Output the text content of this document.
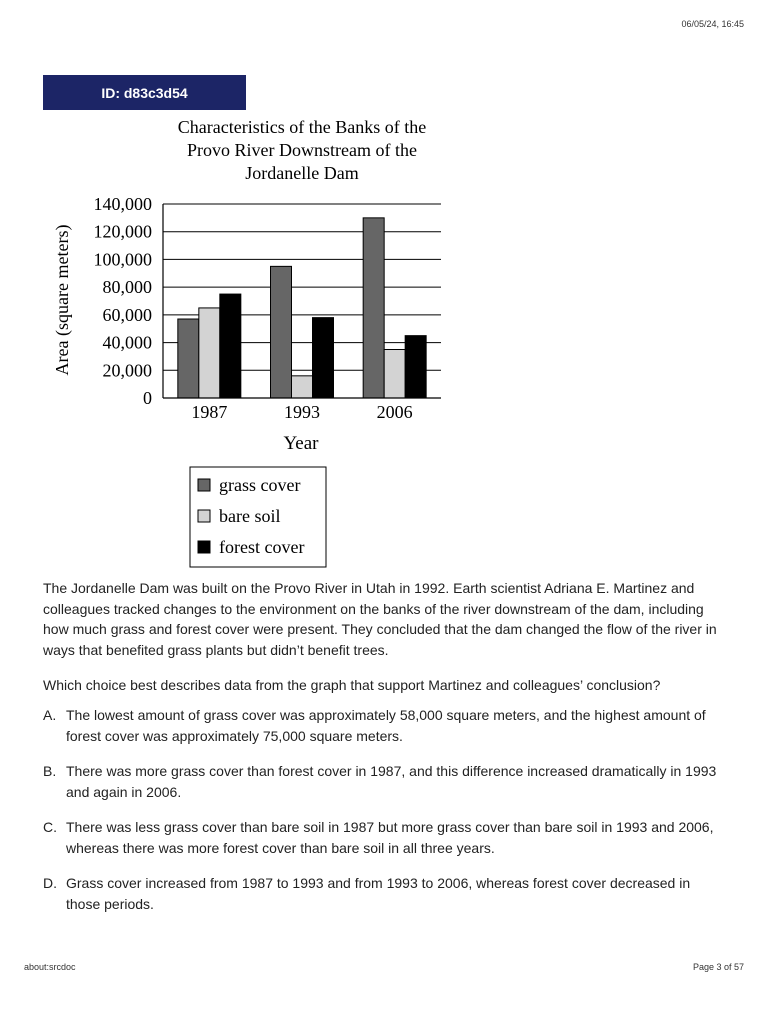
06/05/24, 16:45
ID: d83c3d54
Characteristics of the Banks of the
Provo River Downstream of the
Jordanelle Dam
0
20,000
40,000
60,000
80,000
100,000
120,000
140,000
1987	1993	2006
Year
Area (square meters)
grass cover
bare soil
forest cover
The Jordanelle Dam was built on the Provo River in Utah in 1992. Earth scientist Adriana E. Martinez and colleagues tracked changes to the environment on the banks of the river downstream of the dam, including how much grass and forest cover were present. They concluded that the dam changed the flow of the river in ways that benefited grass plants but didn’t benefit trees.
Which choice best describes data from the graph that support Martinez and colleagues’ conclusion?
A. The lowest amount of grass cover was approximately 58,000 square meters, and the highest amount of forest cover was approximately 75,000 square meters.
B. There was more grass cover than forest cover in 1987, and this difference increased dramatically in 1993 and again in 2006.
C. There was less grass cover than bare soil in 1987 but more grass cover than bare soil in 1993 and 2006, whereas there was more forest cover than bare soil in all three years.
D. Grass cover increased from 1987 to 1993 and from 1993 to 2006, whereas forest cover decreased in those periods.
about:srcdoc	Page 3 of 57
